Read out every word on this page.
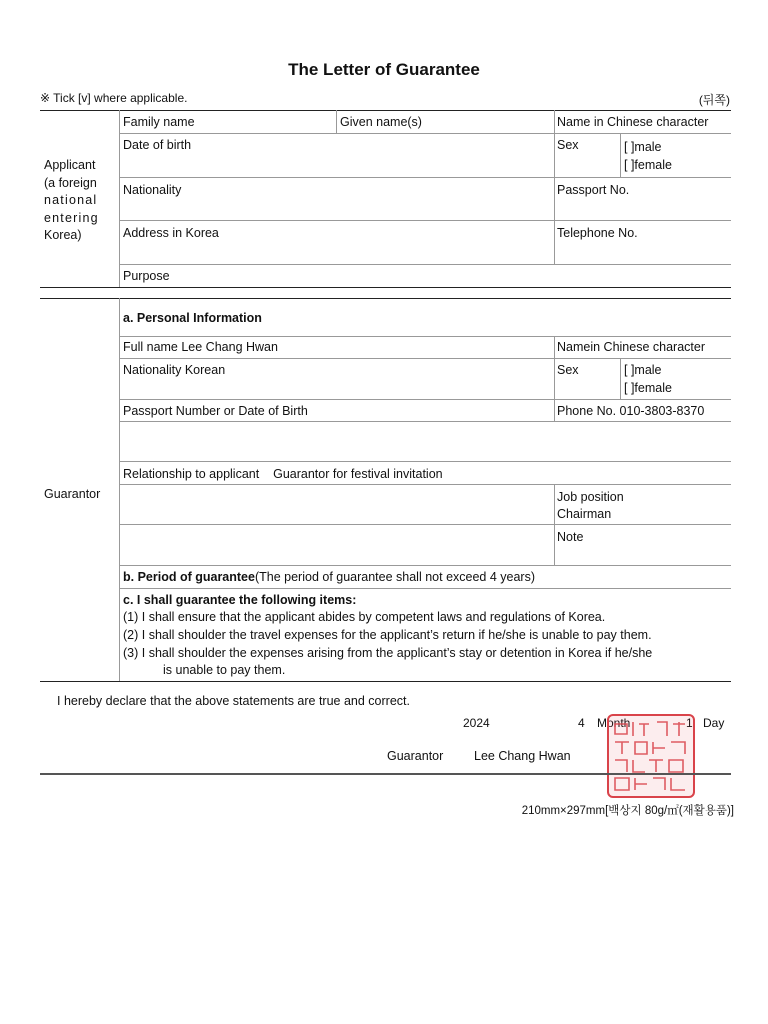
The Letter of Guarantee
※ Tick [v] where applicable.	(뒤쪽)
Applicant
(a foreign
national
entering
Korea)
Family name	Given name(s)	Name in Chinese character
Date of birth	Sex	[ ]male
[ ]female
Nationality	Passport No.
Address in Korea	Telephone No.
Purpose
Guarantor
a. Personal Information
Full name Lee Chang Hwan	Namein Chinese character
Nationality Korean	Sex	[ ]male
[ ]female
Passport Number or Date of Birth	Phone No. 010-3803-8370
Relationship to applicant    Guarantor for festival invitation
Job position
Chairman
Note
b. Period of guarantee(The period of guarantee shall not exceed 4 years)
c. I shall guarantee the following items:
(1) I shall ensure that the applicant abides by competent laws and regulations of Korea.
(2) I shall shoulder the travel expenses for the applicant’s return if he/she is unable to pay them.
(3) I shall shoulder the expenses arising from the applicant’s stay or detention in Korea if he/she
is unable to pay them.
I hereby declare that the above statements are true and correct.
2024	4 Month	1 Day
Guarantor Lee Chang Hwan
210mm×297mm[백상지 80g/㎡(재활용품)]
